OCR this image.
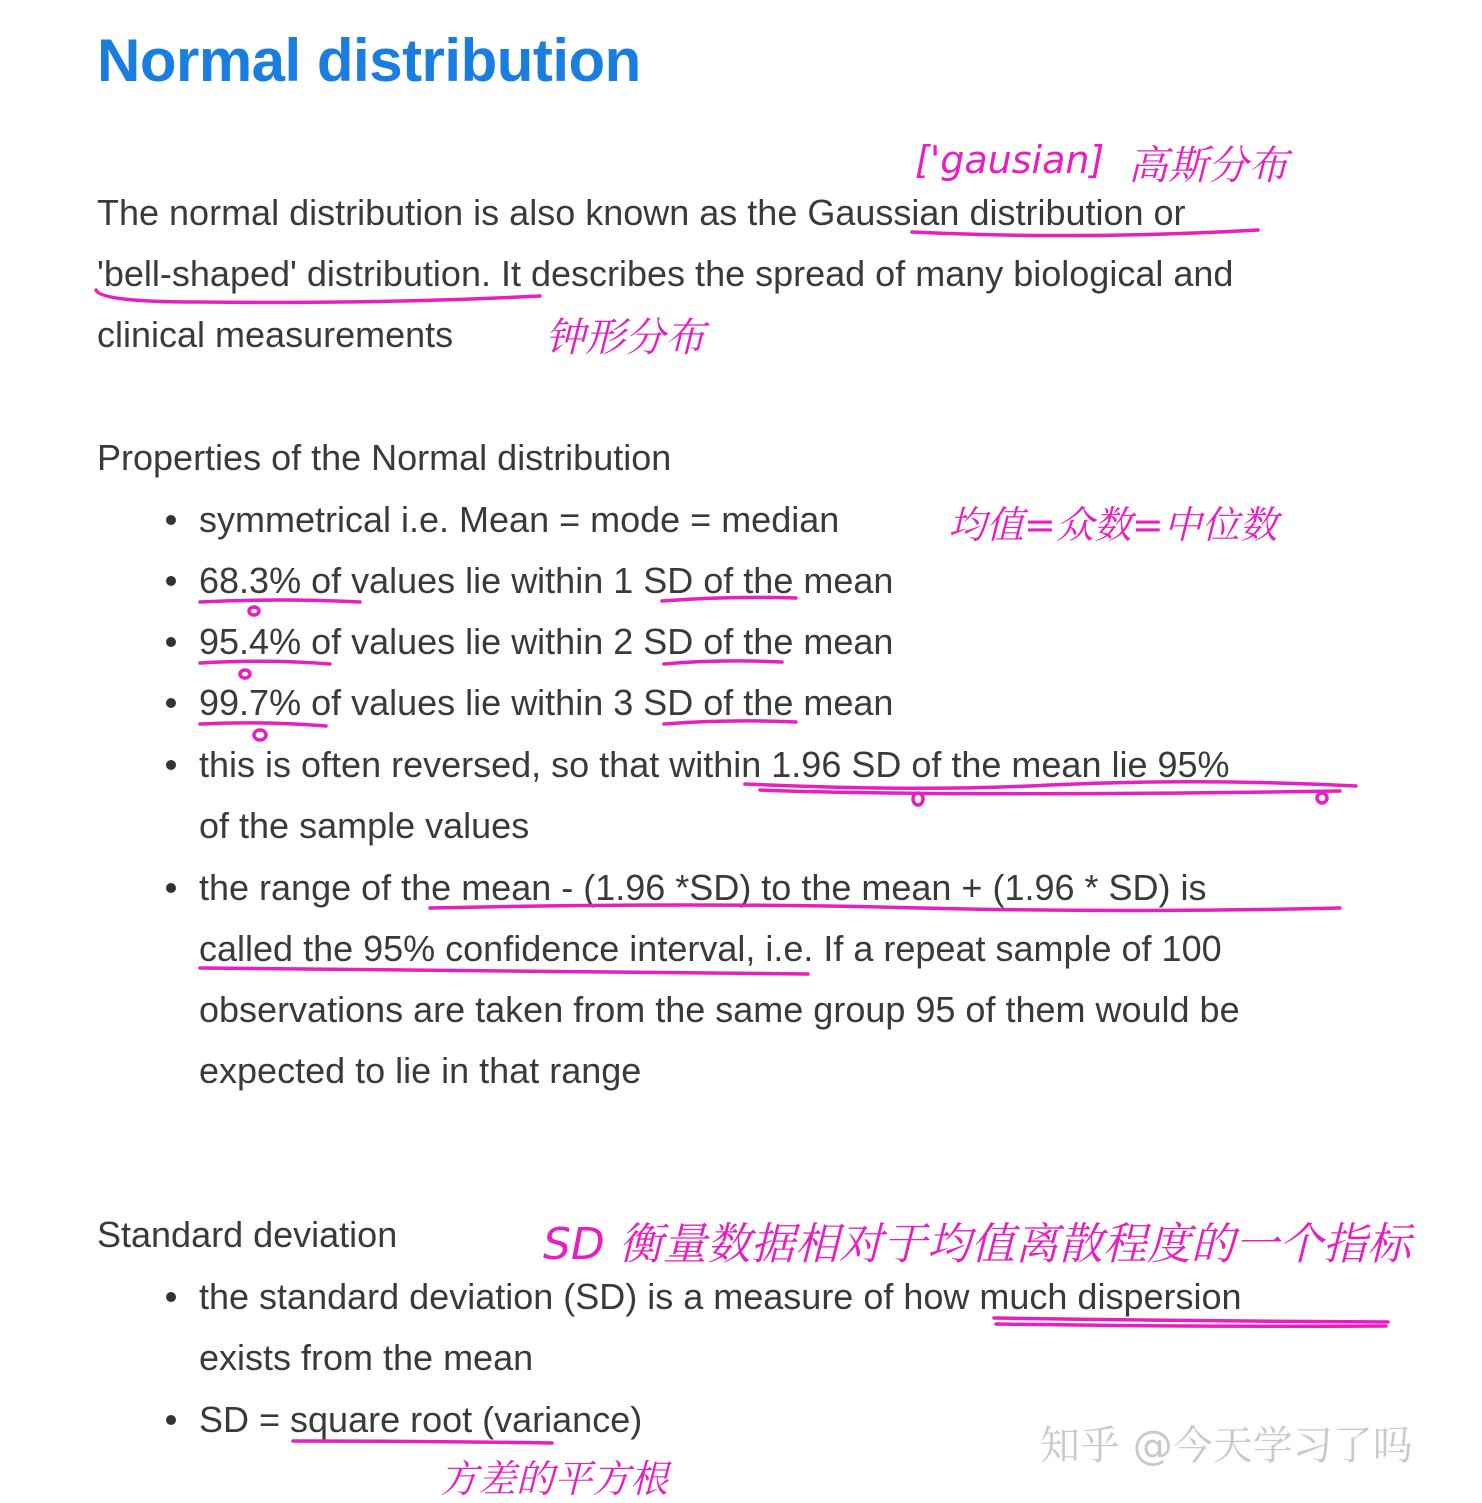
Normal distribution
The normal distribution is also known as the Gaussian distribution or
'bell-shaped' distribution. It describes the spread of many biological and
clinical measurements
Properties of the Normal distribution
symmetrical i.e. Mean = mode = median
68.3% of values lie within 1 SD of the mean
95.4% of values lie within 2 SD of the mean
99.7% of values lie within 3 SD of the mean
this is often reversed, so that within 1.96 SD of the mean lie 95%
of the sample values
the range of the mean - (1.96 *SD) to the mean + (1.96 * SD) is
called the 95% confidence interval, i.e. If a repeat sample of 100
observations are taken from the same group 95 of them would be
expected to lie in that range
Standard deviation
the standard deviation (SD) is a measure of how much dispersion
exists from the mean
SD = square root (variance)
['gausian] 高斯分布
钟形分布
均值=众数=中位数
SD 衡量数据相对于均值离散程度的一个指标
方差的平方根
知乎 @今天学习了吗
